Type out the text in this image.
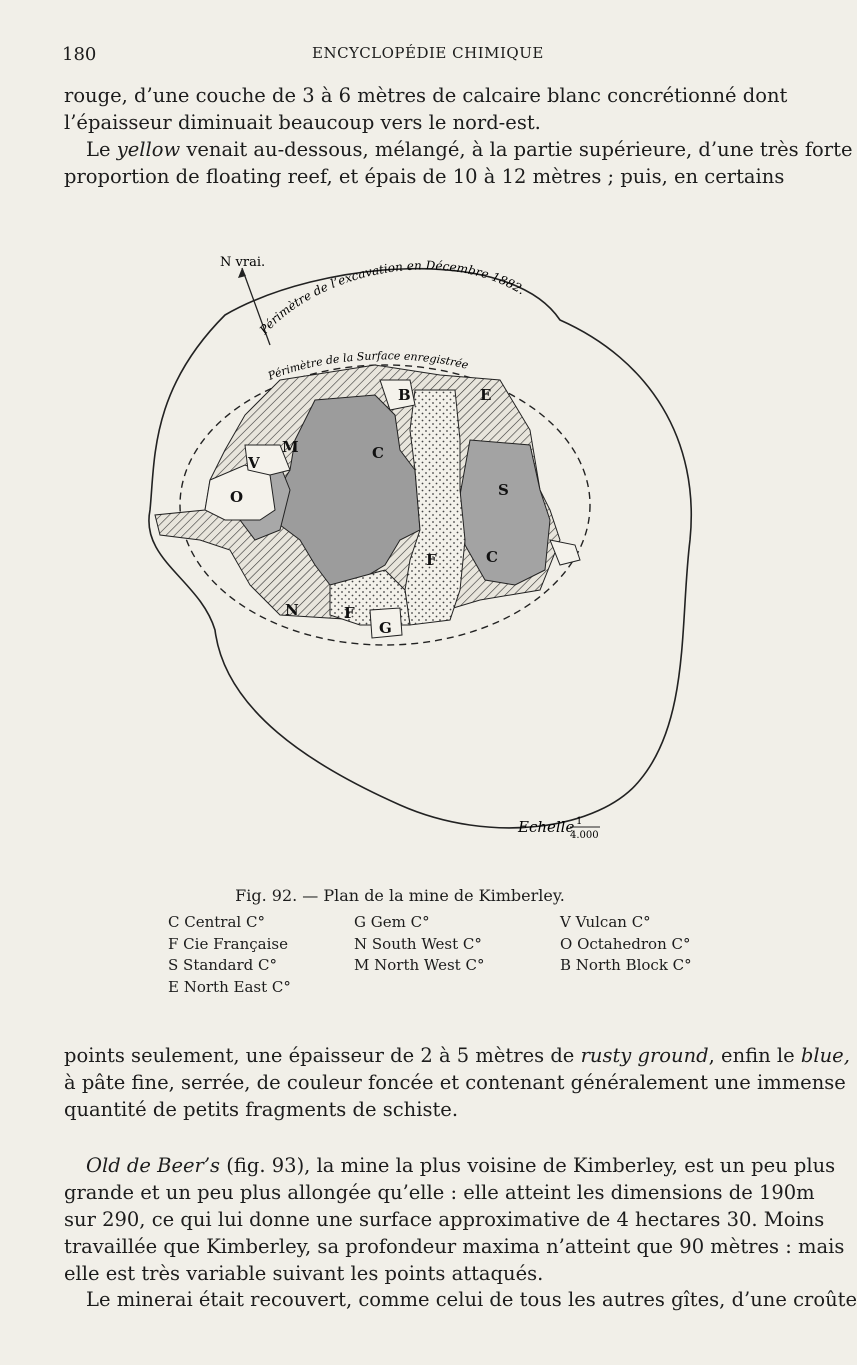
180	ENCYCLOPÉDIE CHIMIQUE

rouge, d’une couche de 3 à 6 mètres de calcaire blanc concrétionné dont
l’épaisseur diminuait beaucoup vers le nord-est.

Le yellow venait au-dessous, mélangé, à la partie supérieure, d’une très forte
proportion de floating reef, et épais de 10 à 12 mètres ; puis, en certains

N vrai.
Périmètre de l’excavation en Décembre 1882.
Périmètre de la Surface enregistrée
B	E
M
V
C
O	S
F	C
N	F
G
Echelle 1
4.000
Fig. 92. — Plan de la mine de Kimberley.
C Central C°
F Cie Française
S Standard C°
E North East C°
G Gem C°
N South West C°
M North West C°
V Vulcan C°
O Octahedron C°
B North Block C°

points seulement, une épaisseur de 2 à 5 mètres de rusty ground, enfin le blue,
à pâte fine, serrée, de couleur foncée et contenant généralement une immense
quantité de petits fragments de schiste.

Old de Beer’s (fig. 93), la mine la plus voisine de Kimberley, est un peu plus
grande et un peu plus allongée qu’elle : elle atteint les dimensions de 190m
sur 290, ce qui lui donne une surface approximative de 4 hectares 30. Moins
travaillée que Kimberley, sa profondeur maxima n’atteint que 90 mètres : mais
elle est très variable suivant les points attaqués.

Le minerai était recouvert, comme celui de tous les autres gîtes, d’une croûte
